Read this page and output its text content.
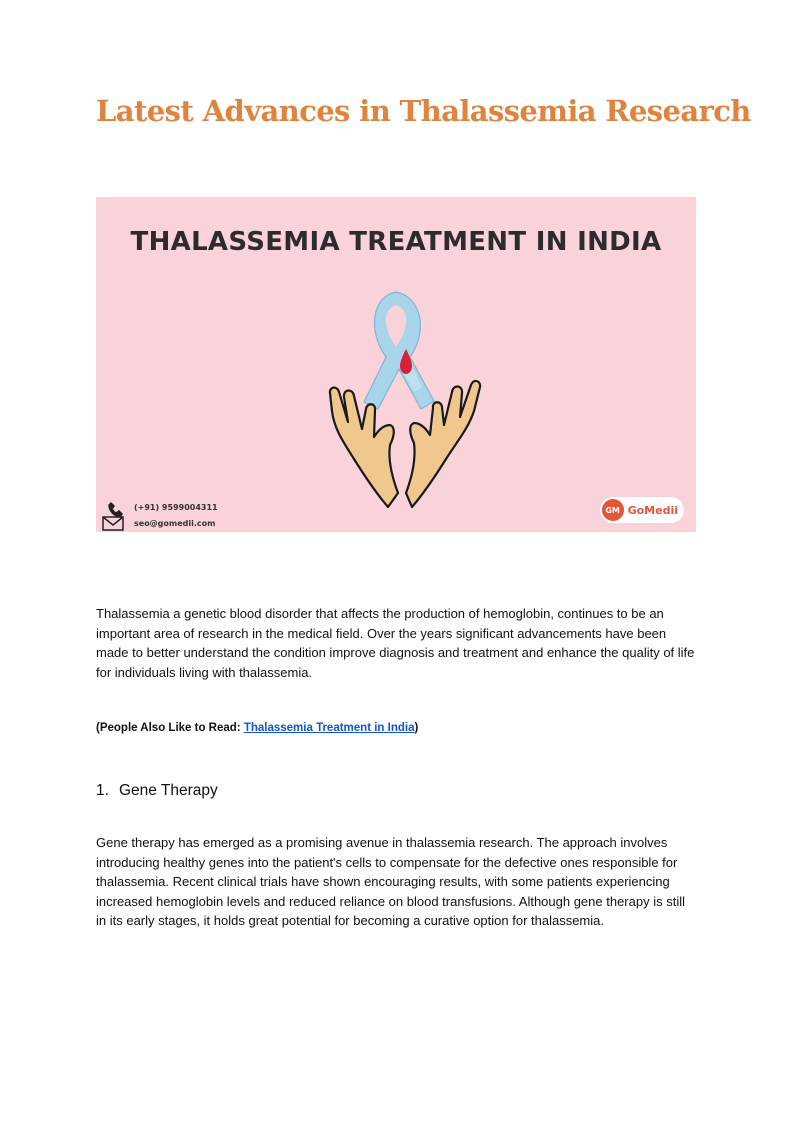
Latest Advances in Thalassemia Research
THALASSEMIA TREATMENT IN INDIA
(+91) 9599004311
seo@gomedii.com
GM GoMedii

Thalassemia a genetic blood disorder that affects the production of hemoglobin, continues to be an important area of research in the medical field. Over the years significant advancements have been made to better understand the condition improve diagnosis and treatment and enhance the quality of life for individuals living with thalassemia.

(People Also Like to Read: Thalassemia Treatment in India)

1. Gene Therapy

Gene therapy has emerged as a promising avenue in thalassemia research. The approach involves introducing healthy genes into the patient's cells to compensate for the defective ones responsible for thalassemia. Recent clinical trials have shown encouraging results, with some patients experiencing increased hemoglobin levels and reduced reliance on blood transfusions. Although gene therapy is still in its early stages, it holds great potential for becoming a curative option for thalassemia.
